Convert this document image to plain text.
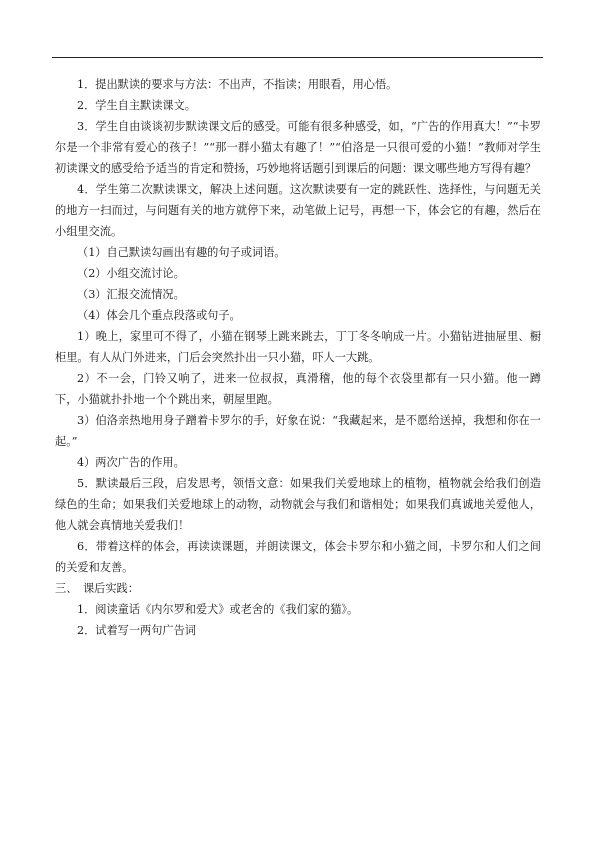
1．提出默读的要求与方法：不出声，不指读；用眼看，用心悟。

2．学生自主默读课文。

3．学生自由谈谈初步默读课文后的感受。可能有很多种感受，如，“广告的作用真大！”“卡罗尔是一个非常有爱心的孩子！”“那一群小猫太有趣了！”“伯洛是一只很可爱的小猫！”教师对学生初读课文的感受给予适当的肯定和赞扬，巧妙地将话题引到课后的问题：课文哪些地方写得有趣？

4．学生第二次默读课文，解决上述问题。这次默读要有一定的跳跃性、选择性，与问题无关的地方一扫而过，与问题有关的地方就停下来，动笔做上记号，再想一下，体会它的有趣，然后在小组里交流。

（1）自己默读勾画出有趣的句子或词语。

（2）小组交流讨论。

（3）汇报交流情况。

（4）体会几个重点段落或句子。

1）晚上，家里可不得了，小猫在钢琴上跳来跳去，丁丁冬冬响成一片。小猫钻进抽屉里、橱柜里。有人从门外进来，门后会突然扑出一只小猫，吓人一大跳。

2）不一会，门铃又响了，进来一位叔叔，真滑稽，他的每个衣袋里都有一只小猫。他一蹲下，小猫就扑扑地一个个跳出来，朝屋里跑。

3）伯洛亲热地用身子蹭着卡罗尔的手，好象在说：“我藏起来，是不愿给送掉，我想和你在一起。”

4）两次广告的作用。

5．默读最后三段，启发思考，领悟文意：如果我们关爱地球上的植物，植物就会给我们创造绿色的生命；如果我们关爱地球上的动物，动物就会与我们和谐相处；如果我们真诚地关爱他人，他人就会真情地关爱我们！

6．带着这样的体会，再读读课题，并朗读课文，体会卡罗尔和小猫之间，卡罗尔和人们之间的关爱和友善。

三、　课后实践：

1．阅读童话《内尔罗和爱犬》或老舍的《我们家的猫》。

2．试着写一两句广告词
